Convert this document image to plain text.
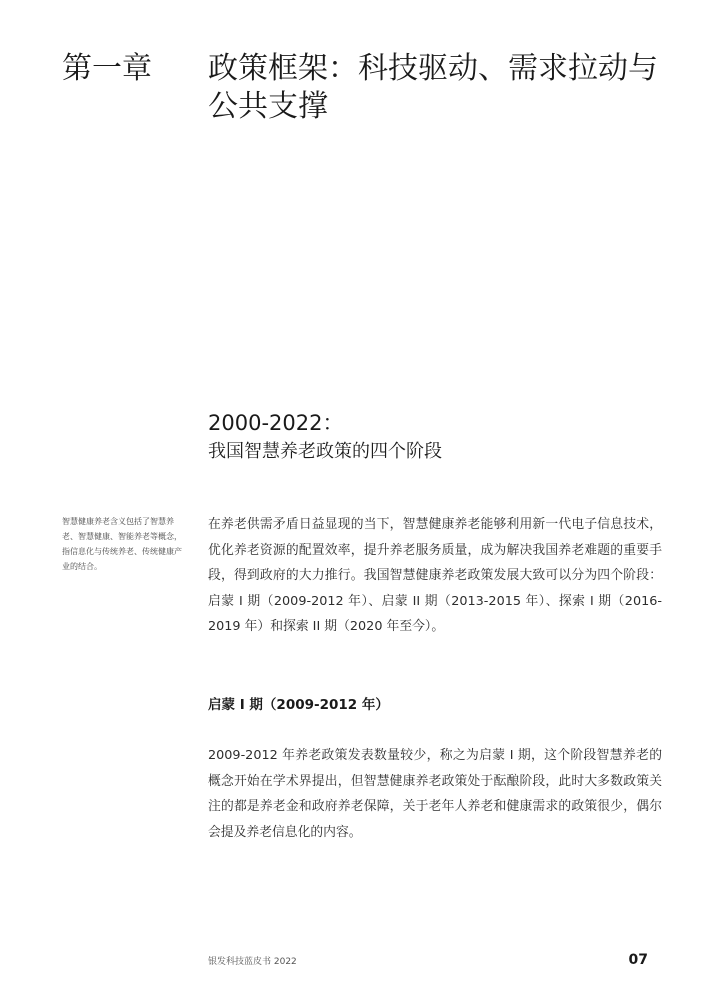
第一章 政策框架：科技驱动、需求拉动与公共支撑
2000-2022：
我国智慧养老政策的四个阶段
智慧健康养老含义包括了智慧养老、智慧健康、智能养老等概念，指信息化与传统养老、传统健康产业的结合。
在养老供需矛盾日益显现的当下，智慧健康养老能够利用新一代电子信息技术，优化养老资源的配置效率，提升养老服务质量，成为解决我国养老难题的重要手段，得到政府的大力推行。我国智慧健康养老政策发展大致可以分为四个阶段：启蒙 I 期（2009-2012 年）、启蒙 II 期（2013-2015 年）、探索 I 期（2016-2019 年）和探索 II 期（2020 年至今）。
启蒙 I 期（2009-2012 年）
2009-2012 年养老政策发表数量较少，称之为启蒙 I 期，这个阶段智慧养老的概念开始在学术界提出，但智慧健康养老政策处于酝酿阶段，此时大多数政策关注的都是养老金和政府养老保障，关于老年人养老和健康需求的政策很少，偶尔会提及养老信息化的内容。
银发科技蓝皮书 2022	07
